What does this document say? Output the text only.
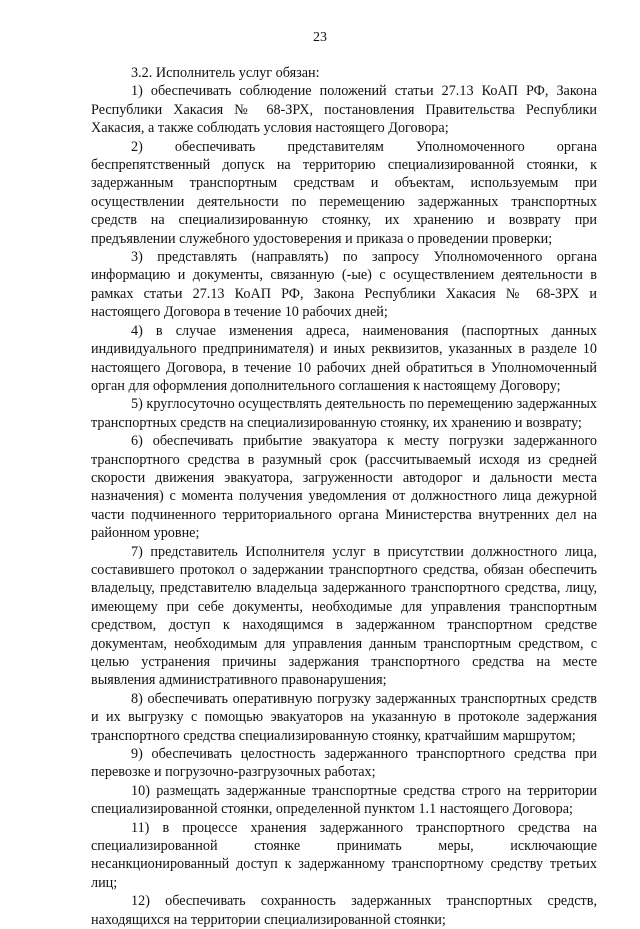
23

3.2. Исполнитель услуг обязан:

1) обеспечивать соблюдение положений статьи 27.13 КоАП РФ, Закона Республики Хакасия № 68-ЗРХ, постановления Правительства Республики Хакасия, а также соблюдать условия настоящего Договора;

2) обеспечивать представителям Уполномоченного органа беспрепятственный допуск на территорию специализированной стоянки, к задержанным транспортным средствам и объектам, используемым при осуществлении деятельности по перемещению задержанных транспортных средств на специализированную стоянку, их хранению и возврату при предъявлении служебного удостоверения и приказа о проведении проверки;

3) представлять (направлять) по запросу Уполномоченного органа информацию и документы, связанную (-ые) с осуществлением деятельности в рамках статьи 27.13 КоАП РФ, Закона Республики Хакасия № 68-ЗРХ и настоящего Договора в течение 10 рабочих дней;

4) в случае изменения адреса, наименования (паспортных данных индивидуального предпринимателя) и иных реквизитов, указанных в разделе 10 настоящего Договора, в течение 10 рабочих дней обратиться в Уполномоченный орган для оформления дополнительного соглашения к настоящему Договору;

5) круглосуточно осуществлять деятельность по перемещению задержанных транспортных средств на специализированную стоянку, их хранению и возврату;

6) обеспечивать прибытие эвакуатора к месту погрузки задержанного транспортного средства в разумный срок (рассчитываемый исходя из средней скорости движения эвакуатора, загруженности автодорог и дальности места назначения) с момента получения уведомления от должностного лица дежурной части подчиненного территориального органа Министерства внутренних дел на районном уровне;

7) представитель Исполнителя услуг в присутствии должностного лица, составившего протокол о задержании транспортного средства, обязан обеспечить владельцу, представителю владельца задержанного транспортного средства, лицу, имеющему при себе документы, необходимые для управления транспортным средством, доступ к находящимся в задержанном транспортном средстве документам, необходимым для управления данным транспортным средством, с целью устранения причины задержания транспортного средства на месте выявления административного правонарушения;

8) обеспечивать оперативную погрузку задержанных транспортных средств и их выгрузку с помощью эвакуаторов на указанную в протоколе задержания транспортного средства специализированную стоянку, кратчайшим маршрутом;

9) обеспечивать целостность задержанного транспортного средства при перевозке и погрузочно-разгрузочных работах;

10) размещать задержанные транспортные средства строго на территории специализированной стоянки, определенной пунктом 1.1 настоящего Договора;

11) в процессе хранения задержанного транспортного средства на специализированной стоянке принимать меры, исключающие несанкционированный доступ к задержанному транспортному средству третьих лиц;

12) обеспечивать сохранность задержанных транспортных средств, находящихся на территории специализированной стоянки;
